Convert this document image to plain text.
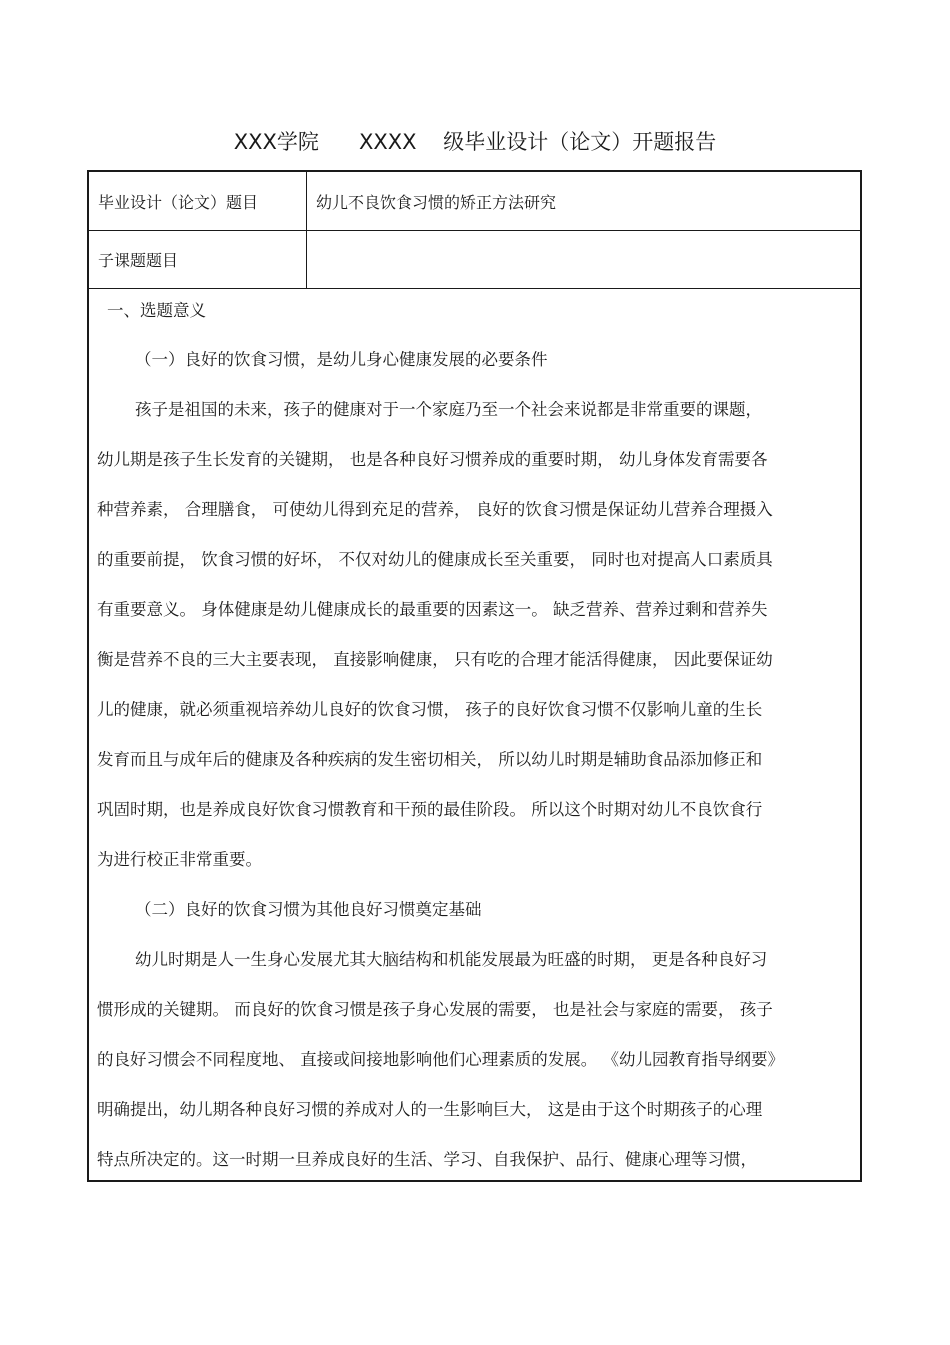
XXX学院      XXXX    级毕业设计（论文）开题报告
毕业设计（论文）题目	幼儿不良饮食习惯的矫正方法研究
子课题题目
一、选题意义
（一）良好的饮食习惯，是幼儿身心健康发展的必要条件
孩子是祖国的未来，孩子的健康对于一个家庭乃至一个社会来说都是非常重要的课题，
幼儿期是孩子生长发育的关键期， 也是各种良好习惯养成的重要时期， 幼儿身体发育需要各
种营养素， 合理膳食， 可使幼儿得到充足的营养， 良好的饮食习惯是保证幼儿营养合理摄入
的重要前提， 饮食习惯的好坏， 不仅对幼儿的健康成长至关重要， 同时也对提高人口素质具
有重要意义。 身体健康是幼儿健康成长的最重要的因素这一。 缺乏营养、营养过剩和营养失
衡是营养不良的三大主要表现， 直接影响健康， 只有吃的合理才能活得健康， 因此要保证幼
儿的健康，就必须重视培养幼儿良好的饮食习惯， 孩子的良好饮食习惯不仅影响儿童的生长
发育而且与成年后的健康及各种疾病的发生密切相关， 所以幼儿时期是辅助食品添加修正和
巩固时期，也是养成良好饮食习惯教育和干预的最佳阶段。 所以这个时期对幼儿不良饮食行
为进行校正非常重要。
（二）良好的饮食习惯为其他良好习惯奠定基础
幼儿时期是人一生身心发展尤其大脑结构和机能发展最为旺盛的时期， 更是各种良好习
惯形成的关键期。 而良好的饮食习惯是孩子身心发展的需要， 也是社会与家庭的需要， 孩子
的良好习惯会不同程度地、 直接或间接地影响他们心理素质的发展。 《幼儿园教育指导纲要》
明确提出，幼儿期各种良好习惯的养成对人的一生影响巨大， 这是由于这个时期孩子的心理
特点所决定的。这一时期一旦养成良好的生活、学习、自我保护、品行、健康心理等习惯，
